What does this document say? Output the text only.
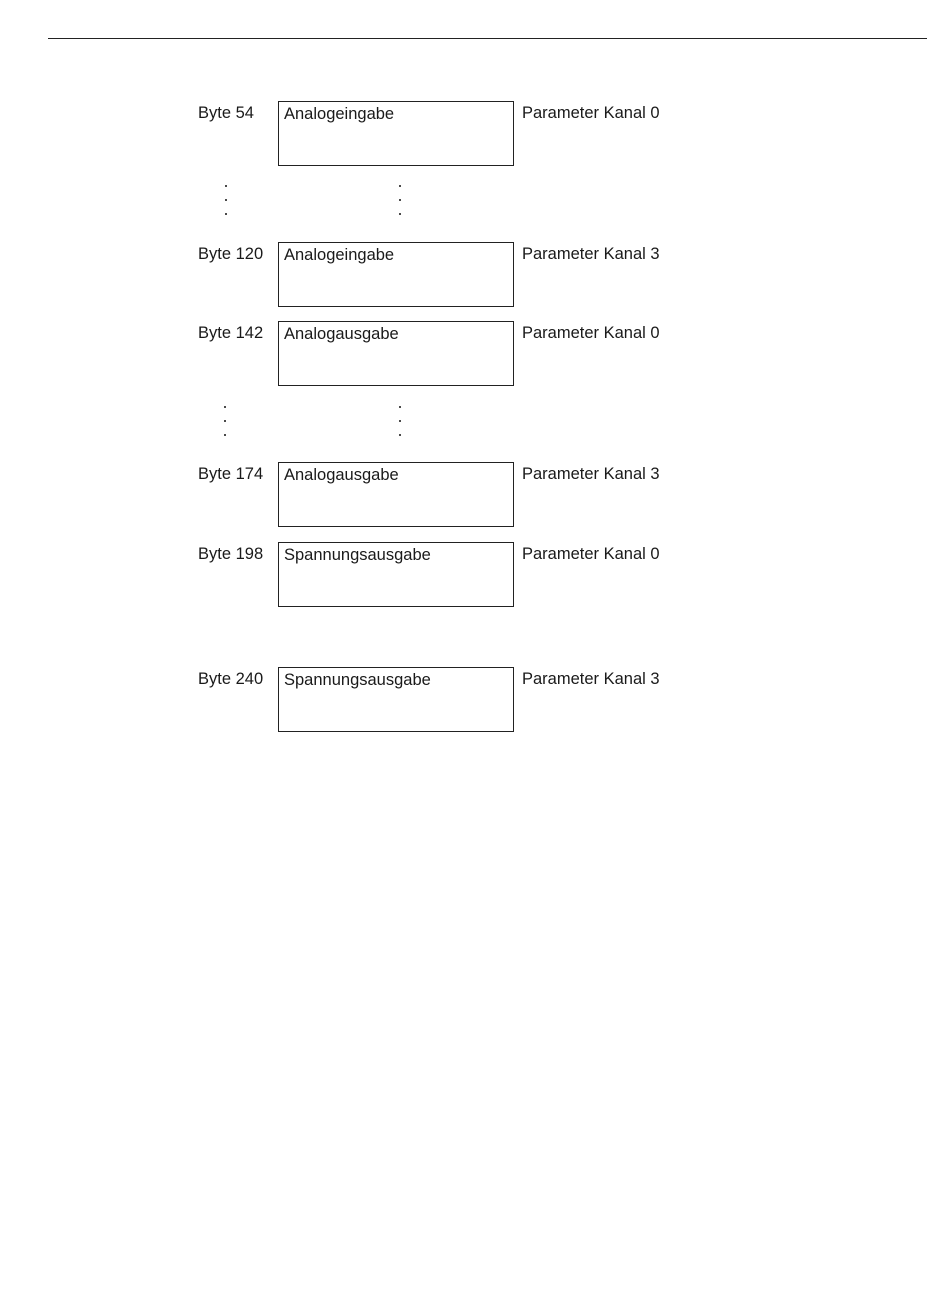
Byte 54 Analogeingabe	Parameter Kanal 0
Byte 120 Analogeingabe	Parameter Kanal 3
Byte 142 Analogausgabe	Parameter Kanal 0
Byte 174 Analogausgabe	Parameter Kanal 3
Byte 198 Spannungsausgabe	Parameter Kanal 0
Byte 240 Spannungsausgabe	Parameter Kanal 3
